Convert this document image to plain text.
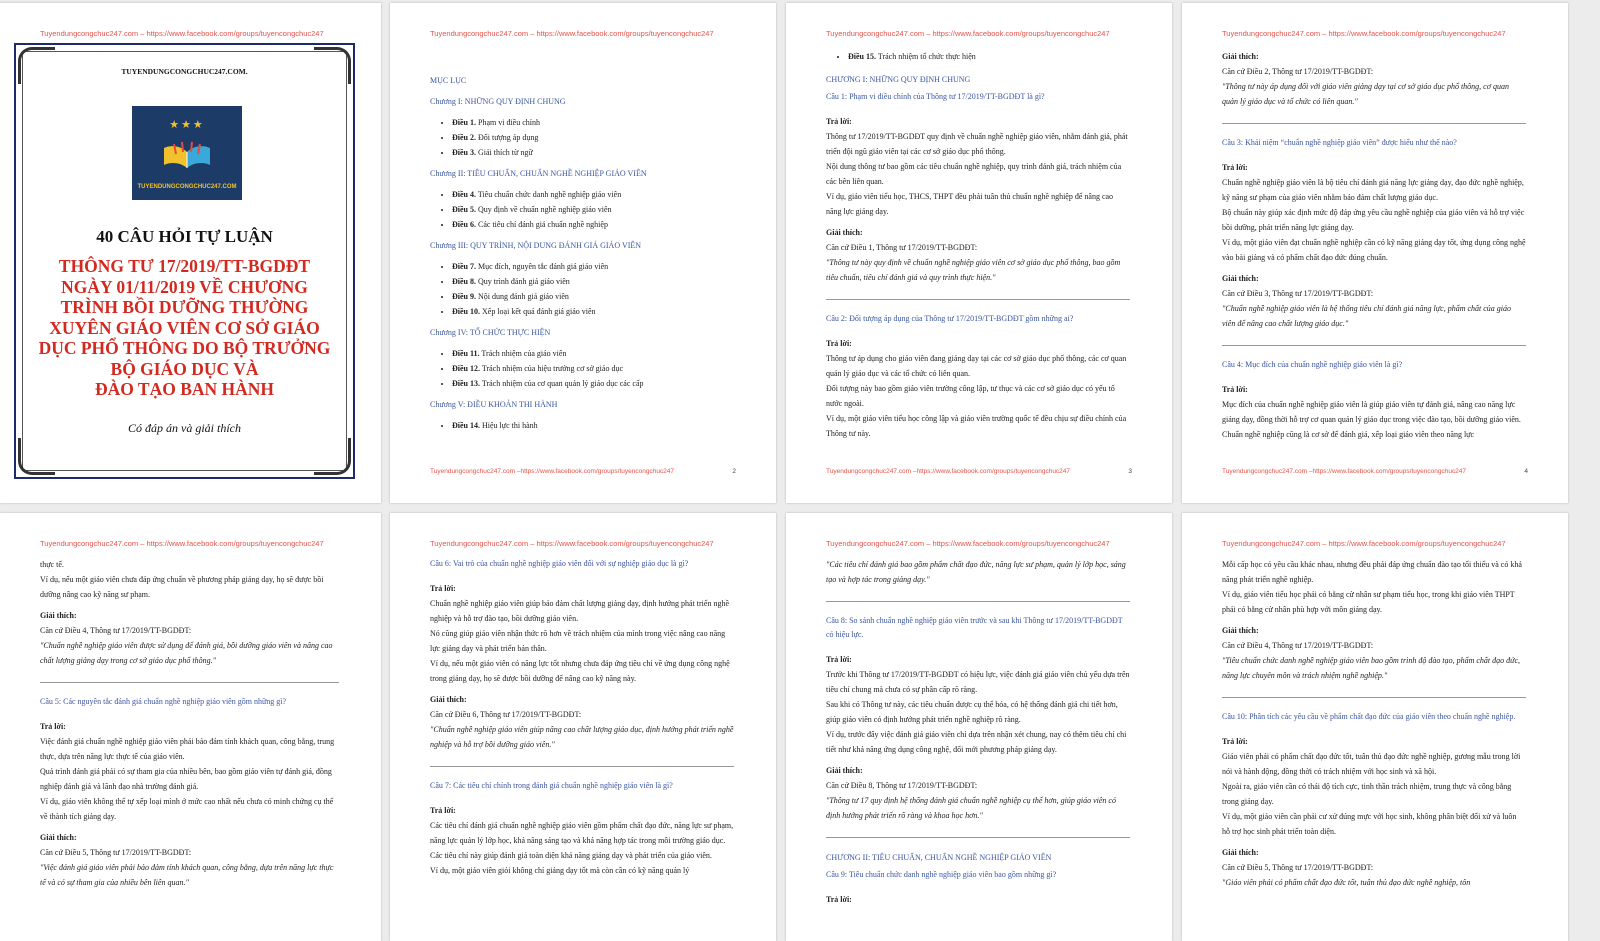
Tuyendungcongchuc247.com – https://www.facebook.com/groups/tuyencongchuc247
TUYENDUNGCONGCHUC247.COM.
★★★
TUYENDUNGCONGCHUC247.COM
40 CÂU HỎI TỰ LUẬN
THÔNG TƯ 17/2019/TT-BGDĐT
NGÀY 01/11/2019 VỀ CHƯƠNG
TRÌNH BỒI DƯỠNG THƯỜNG
XUYÊN GIÁO VIÊN CƠ SỞ GIÁO
DỤC PHỔ THÔNG DO BỘ TRƯỞNG
BỘ GIÁO DỤC VÀ
ĐÀO TẠO BAN HÀNH
Có đáp án và giải thích
Tuyendungcongchuc247.com – https://www.facebook.com/groups/tuyencongchuc247

MỤC LỤC

Chương I: NHỮNG QUY ĐỊNH CHUNG

• Điều 1. Phạm vi điều chỉnh
• Điều 2. Đối tượng áp dụng
• Điều 3. Giải thích từ ngữ

Chương II: TIÊU CHUẨN, CHUẨN NGHỀ NGHIỆP GIÁO VIÊN

• Điều 4. Tiêu chuẩn chức danh nghề nghiệp giáo viên
• Điều 5. Quy định về chuẩn nghề nghiệp giáo viên
• Điều 6. Các tiêu chí đánh giá chuẩn nghề nghiệp

Chương III: QUY TRÌNH, NỘI DUNG ĐÁNH GIÁ GIÁO VIÊN

• Điều 7. Mục đích, nguyên tắc đánh giá giáo viên
• Điều 8. Quy trình đánh giá giáo viên
• Điều 9. Nội dung đánh giá giáo viên
• Điều 10. Xếp loại kết quả đánh giá giáo viên

Chương IV: TỔ CHỨC THỰC HIỆN

• Điều 11. Trách nhiệm của giáo viên
• Điều 12. Trách nhiệm của hiệu trưởng cơ sở giáo dục
• Điều 13. Trách nhiệm của cơ quan quản lý giáo dục các cấp

Chương V: ĐIỀU KHOẢN THI HÀNH

• Điều 14. Hiệu lực thi hành
Tuyendungcongchuc247.com –https://www.facebook.com/groups/tuyencongchuc247	2
Tuyendungcongchuc247.com – https://www.facebook.com/groups/tuyencongchuc247
• Điều 15. Trách nhiệm tổ chức thực hiện

CHƯƠNG I: NHỮNG QUY ĐỊNH CHUNG

Câu 1: Phạm vi điều chỉnh của Thông tư 17/2019/TT-BGDĐT là gì?

Trả lời:

Thông tư 17/2019/TT-BGDĐT quy định về chuẩn nghề nghiệp giáo viên, nhằm đánh giá, phát triển đội ngũ giáo viên tại các cơ sở giáo dục phổ thông.

Nội dung thông tư bao gồm các tiêu chuẩn nghề nghiệp, quy trình đánh giá, trách nhiệm của các bên liên quan.

Ví dụ, giáo viên tiểu học, THCS, THPT đều phải tuân thủ chuẩn nghề nghiệp để nâng cao năng lực giảng dạy.

Giải thích:

Căn cứ Điều 1, Thông tư 17/2019/TT-BGDĐT:

"Thông tư này quy định về chuẩn nghề nghiệp giáo viên cơ sở giáo dục phổ thông, bao gồm tiêu chuẩn, tiêu chí đánh giá và quy trình thực hiện."

Câu 2: Đối tượng áp dụng của Thông tư 17/2019/TT-BGDĐT gồm những ai?

Trả lời:

Thông tư áp dụng cho giáo viên đang giảng dạy tại các cơ sở giáo dục phổ thông, các cơ quan quản lý giáo dục và các tổ chức có liên quan.

Đối tượng này bao gồm giáo viên trường công lập, tư thục và các cơ sở giáo dục có yếu tố nước ngoài.

Ví dụ, một giáo viên tiểu học công lập và giáo viên trường quốc tế đều chịu sự điều chỉnh của Thông tư này.

Tuyendungcongchuc247.com –https://www.facebook.com/groups/tuyencongchuc247	3
Tuyendungcongchuc247.com – https://www.facebook.com/groups/tuyencongchuc247

Giải thích:

Căn cứ Điều 2, Thông tư 17/2019/TT-BGDĐT:

"Thông tư này áp dụng đối với giáo viên giảng dạy tại cơ sở giáo dục phổ thông, cơ quan quản lý giáo dục và tổ chức có liên quan."

Câu 3: Khái niệm “chuẩn nghề nghiệp giáo viên” được hiểu như thế nào?

Trả lời:

Chuẩn nghề nghiệp giáo viên là bộ tiêu chí đánh giá năng lực giảng dạy, đạo đức nghề nghiệp, kỹ năng sư phạm của giáo viên nhằm bảo đảm chất lượng giáo dục.

Bộ chuẩn này giúp xác định mức độ đáp ứng yêu cầu nghề nghiệp của giáo viên và hỗ trợ việc bồi dưỡng, phát triển năng lực giảng dạy.

Ví dụ, một giáo viên đạt chuẩn nghề nghiệp cần có kỹ năng giảng dạy tốt, ứng dụng công nghệ vào bài giảng và có phẩm chất đạo đức đúng chuẩn.

Giải thích:

Căn cứ Điều 3, Thông tư 17/2019/TT-BGDĐT:

"Chuẩn nghề nghiệp giáo viên là hệ thống tiêu chí đánh giá năng lực, phẩm chất của giáo viên để nâng cao chất lượng giáo dục."

Câu 4: Mục đích của chuẩn nghề nghiệp giáo viên là gì?

Trả lời:

Mục đích của chuẩn nghề nghiệp giáo viên là giúp giáo viên tự đánh giá, nâng cao năng lực giảng dạy, đồng thời hỗ trợ cơ quan quản lý giáo dục trong việc đào tạo, bồi dưỡng giáo viên.

Chuẩn nghề nghiệp cũng là cơ sở để đánh giá, xếp loại giáo viên theo năng lực

Tuyendungcongchuc247.com –https://www.facebook.com/groups/tuyencongchuc247	4
Tuyendungcongchuc247.com – https://www.facebook.com/groups/tuyencongchuc247

thực tế.

Ví dụ, nếu một giáo viên chưa đáp ứng chuẩn về phương pháp giảng dạy, họ sẽ được bồi dưỡng nâng cao kỹ năng sư phạm.

Giải thích:

Căn cứ Điều 4, Thông tư 17/2019/TT-BGDĐT:

"Chuẩn nghề nghiệp giáo viên được sử dụng để đánh giá, bồi dưỡng giáo viên và nâng cao chất lượng giảng dạy trong cơ sở giáo dục phổ thông."

Câu 5: Các nguyên tắc đánh giá chuẩn nghề nghiệp giáo viên gồm những gì?

Trả lời:

Việc đánh giá chuẩn nghề nghiệp giáo viên phải bảo đảm tính khách quan, công bằng, trung thực, dựa trên năng lực thực tế của giáo viên.

Quá trình đánh giá phải có sự tham gia của nhiều bên, bao gồm giáo viên tự đánh giá, đồng nghiệp đánh giá và lãnh đạo nhà trường đánh giá.

Ví dụ, giáo viên không thể tự xếp loại mình ở mức cao nhất nếu chưa có minh chứng cụ thể về thành tích giảng dạy.

Giải thích:

Căn cứ Điều 5, Thông tư 17/2019/TT-BGDĐT:

"Việc đánh giá giáo viên phải bảo đảm tính khách quan, công bằng, dựa trên năng lực thực tế và có sự tham gia của nhiều bên liên quan."

Tuyendungcongchuc247.com – https://www.facebook.com/groups/tuyencongchuc247

Câu 6: Vai trò của chuẩn nghề nghiệp giáo viên đối với sự nghiệp giáo dục là gì?

Trả lời:

Chuẩn nghề nghiệp giáo viên giúp bảo đảm chất lượng giảng dạy, định hướng phát triển nghề nghiệp và hỗ trợ đào tạo, bồi dưỡng giáo viên.

Nó cũng giúp giáo viên nhận thức rõ hơn về trách nhiệm của mình trong việc nâng cao năng lực giảng dạy và phát triển bản thân.

Ví dụ, nếu một giáo viên có năng lực tốt nhưng chưa đáp ứng tiêu chí về ứng dụng công nghệ trong giảng dạy, họ sẽ được bồi dưỡng để nâng cao kỹ năng này.

Giải thích:

Căn cứ Điều 6, Thông tư 17/2019/TT-BGDĐT:

"Chuẩn nghề nghiệp giáo viên giúp nâng cao chất lượng giáo dục, định hướng phát triển nghề nghiệp và hỗ trợ bồi dưỡng giáo viên."

Câu 7: Các tiêu chí chính trong đánh giá chuẩn nghề nghiệp giáo viên là gì?

Trả lời:

Các tiêu chí đánh giá chuẩn nghề nghiệp giáo viên gồm phẩm chất đạo đức, năng lực sư phạm, năng lực quản lý lớp học, khả năng sáng tạo và khả năng hợp tác trong môi trường giáo dục.

Các tiêu chí này giúp đánh giá toàn diện khả năng giảng dạy và phát triển của giáo viên.

Ví dụ, một giáo viên giỏi không chỉ giảng dạy tốt mà còn cần có kỹ năng quản lý

Tuyendungcongchuc247.com – https://www.facebook.com/groups/tuyencongchuc247

"Các tiêu chí đánh giá bao gồm phẩm chất đạo đức, năng lực sư phạm, quản lý lớp học, sáng tạo và hợp tác trong giảng dạy."

Câu 8: So sánh chuẩn nghề nghiệp giáo viên trước và sau khi Thông tư 17/2019/TT-BGDĐT có hiệu lực.

Trả lời:

Trước khi Thông tư 17/2019/TT-BGDĐT có hiệu lực, việc đánh giá giáo viên chủ yếu dựa trên tiêu chí chung mà chưa có sự phân cấp rõ ràng.

Sau khi có Thông tư này, các tiêu chuẩn được cụ thể hóa, có hệ thống đánh giá chi tiết hơn, giúp giáo viên có định hướng phát triển nghề nghiệp rõ ràng.

Ví dụ, trước đây việc đánh giá giáo viên chỉ dựa trên nhận xét chung, nay có thêm tiêu chí chi tiết như khả năng ứng dụng công nghệ, đổi mới phương pháp giảng dạy.

Giải thích:

Căn cứ Điều 8, Thông tư 17/2019/TT-BGDĐT:

"Thông tư 17 quy định hệ thống đánh giá chuẩn nghề nghiệp cụ thể hơn, giúp giáo viên có định hướng phát triển rõ ràng và khoa học hơn."

CHƯƠNG II: TIÊU CHUẨN, CHUẨN NGHỀ NGHIỆP GIÁO VIÊN

Câu 9: Tiêu chuẩn chức danh nghề nghiệp giáo viên bao gồm những gì?

Trả lời:

Tuyendungcongchuc247.com – https://www.facebook.com/groups/tuyencongchuc247

Mỗi cấp học có yêu cầu khác nhau, nhưng đều phải đáp ứng chuẩn đào tạo tối thiểu và có khả năng phát triển nghề nghiệp.

Ví dụ, giáo viên tiểu học phải có bằng cử nhân sư phạm tiểu học, trong khi giáo viên THPT phải có bằng cử nhân phù hợp với môn giảng dạy.

Giải thích:

Căn cứ Điều 4, Thông tư 17/2019/TT-BGDĐT:

"Tiêu chuẩn chức danh nghề nghiệp giáo viên bao gồm trình độ đào tạo, phẩm chất đạo đức, năng lực chuyên môn và trách nhiệm nghề nghiệp."

Câu 10: Phân tích các yêu cầu về phẩm chất đạo đức của giáo viên theo chuẩn nghề nghiệp.

Trả lời:

Giáo viên phải có phẩm chất đạo đức tốt, tuân thủ đạo đức nghề nghiệp, gương mẫu trong lời nói và hành động, đồng thời có trách nhiệm với học sinh và xã hội.

Ngoài ra, giáo viên cần có thái độ tích cực, tinh thần trách nhiệm, trung thực và công bằng trong giảng dạy.

Ví dụ, một giáo viên cần phải cư xử đúng mực với học sinh, không phân biệt đối xử và luôn hỗ trợ học sinh phát triển toàn diện.

Giải thích:

Căn cứ Điều 5, Thông tư 17/2019/TT-BGDĐT:

"Giáo viên phải có phẩm chất đạo đức tốt, tuân thủ đạo đức nghề nghiệp, tôn
